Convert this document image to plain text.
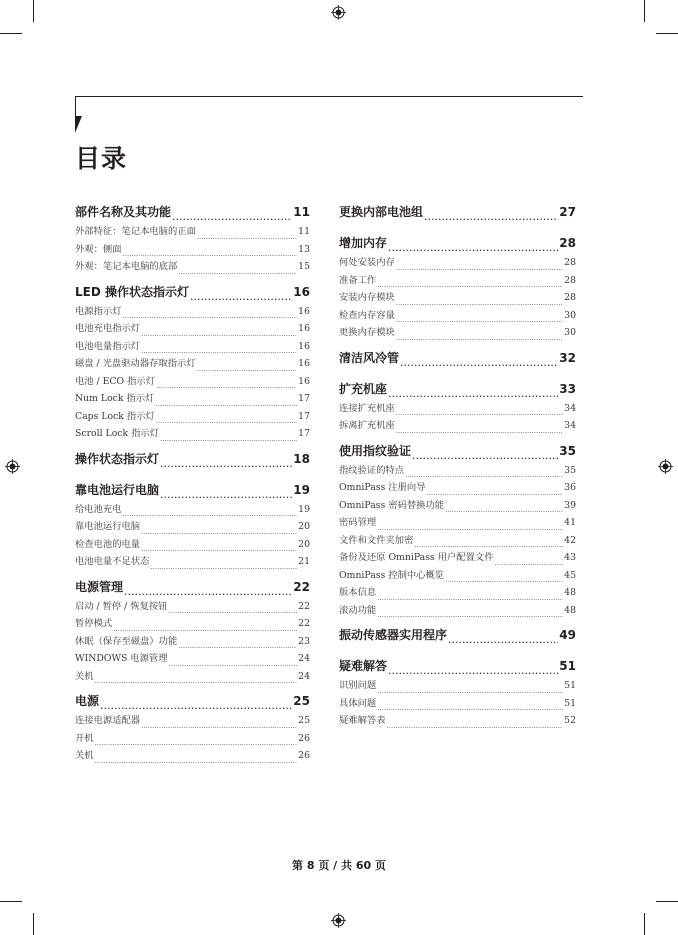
目录
部件名称及其功能 .....	11
外部特征：笔记本电脑的正面 .....	11
外观：侧面 .....	13
外观：笔记本电脑的底部 .....	15
LED 操作状态指示灯 .....	16
电源指示灯 .....	16
电池充电指示灯 .....	16
电池电量指示灯 .....	16
磁盘 / 光盘驱动器存取指示灯 .....	16
电池 / ECO 指示灯 .....	16
Num Lock 指示灯 .....	17
Caps Lock 指示灯 .....	17
Scroll Lock 指示灯 .....	17
操作状态指示灯 .....	18
靠电池运行电脑 .....	19
给电池充电 .....	19
靠电池运行电脑 .....	20
检查电池的电量 .....	20
电池电量不足状态 .....	21
电源管理 .....	22
启动 / 暂停 / 恢复按钮 .....	22
暂停模式 .....	22
休眠（保存至磁盘）功能 .....	23
WINDOWS 电源管理 .....	24
关机 .....	24
电源 .....	25
连接电源适配器 .....	25
开机 .....	26
关机 .....	26
更换内部电池组 .....	27
增加内存 .....	28
何处安装内存 .....	28
准备工作 .....	28
安装内存模块 .....	28
检查内存容量 .....	30
更换内存模块 .....	30
清洁风冷管 .....	32
扩充机座 .....	33
连接扩充机座 .....	34
拆离扩充机座 .....	34
使用指纹验证 .....	35
指纹验证的特点 .....	35
OmniPass 注册向导 .....	36
OmniPass 密码替换功能 .....	39
密码管理 .....	41
文件和文件夹加密 .....	42
备份及还原 OmniPass 用户配置文件 .....	43
OmniPass 控制中心概览 .....	45
版本信息 .....	48
滚动功能 .....	48
振动传感器实用程序 .....	49
疑难解答 .....	51
识别问题 .....	51
具体问题 .....	51
疑难解答表 .....	52
第 8 页 / 共 60 页
